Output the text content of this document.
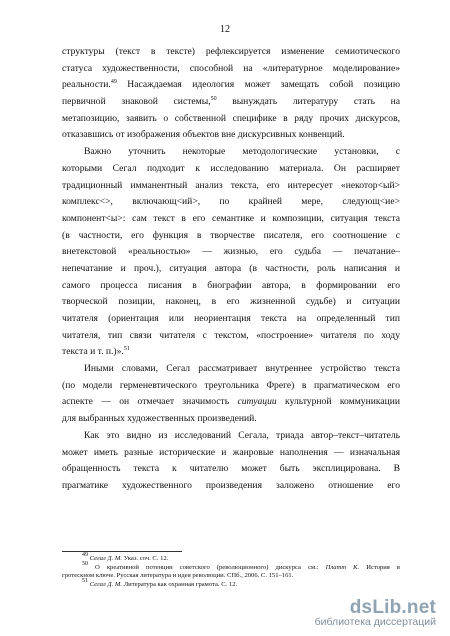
12
структуры (текст в тексте) рефлексируется изменение семиотического
статуса художественности, способной на «литературное моделирование»
реальности.$^{49}$ Насаждаемая идеология может замещать собой позицию
первичной знаковой системы,$^{50}$ вынуждать литературу стать на
метапозицию, заявить о собственной специфике в ряду прочих дискурсов,
отказавшись от изображения объектов вне дискурсивных конвенций.
Важно уточнить некоторые методологические установки, с
которыми Сегал подходит к исследованию материала. Он расширяет
традиционный имманентный анализ текста, его интересует «некотор<ый>
комплекс<>, включающ<ий>, по крайней мере, следующ<ие>
компонент<ы>: сам текст в его семантике и композиции, ситуация текста
(в частности, его функция в творчестве писателя, его соотношение с
внетекстовой «реальностью» — жизнью, его судьба — печатание–
непечатание и проч.), ситуация автора (в частности, роль написания и
самого процесса писания в биографии автора, в формировании его
творческой позиции, наконец, в его жизненной судьбе) и ситуации
читателя (ориентация или неориентация текста на определенный тип
читателя, тип связи читателя с текстом, «построение» читателя по ходу
текста и т. п.)».$^{51}$
Иными словами, Сегал рассматривает внутреннее устройство текста
(по модели герменевтического треугольника Фреге) в прагматическом его
аспекте — он отмечает значимость ситуации культурной коммуникации
для выбранных художественных произведений.
Как это видно из исследований Сегала, триада автор–текст–читатель
может иметь разные исторические и жанровые наполнения — изначальная
обращенность текста к читателю может быть эксплицирована. В
прагматике художественного произведения заложено отношение его
$^{49}$ Сегал Д. М. Указ. соч. С. 12.
$^{50}$ О креативной потенции советского (революционного) дискурса см.: Платт К. История в
гротескном ключе. Русская литература и идея революции. СПб., 2006. С. 151–161.
$^{51}$ Сегал Д. М. Литература как охранная грамота. С. 12.
dsLib.net
библиотека диссертаций
